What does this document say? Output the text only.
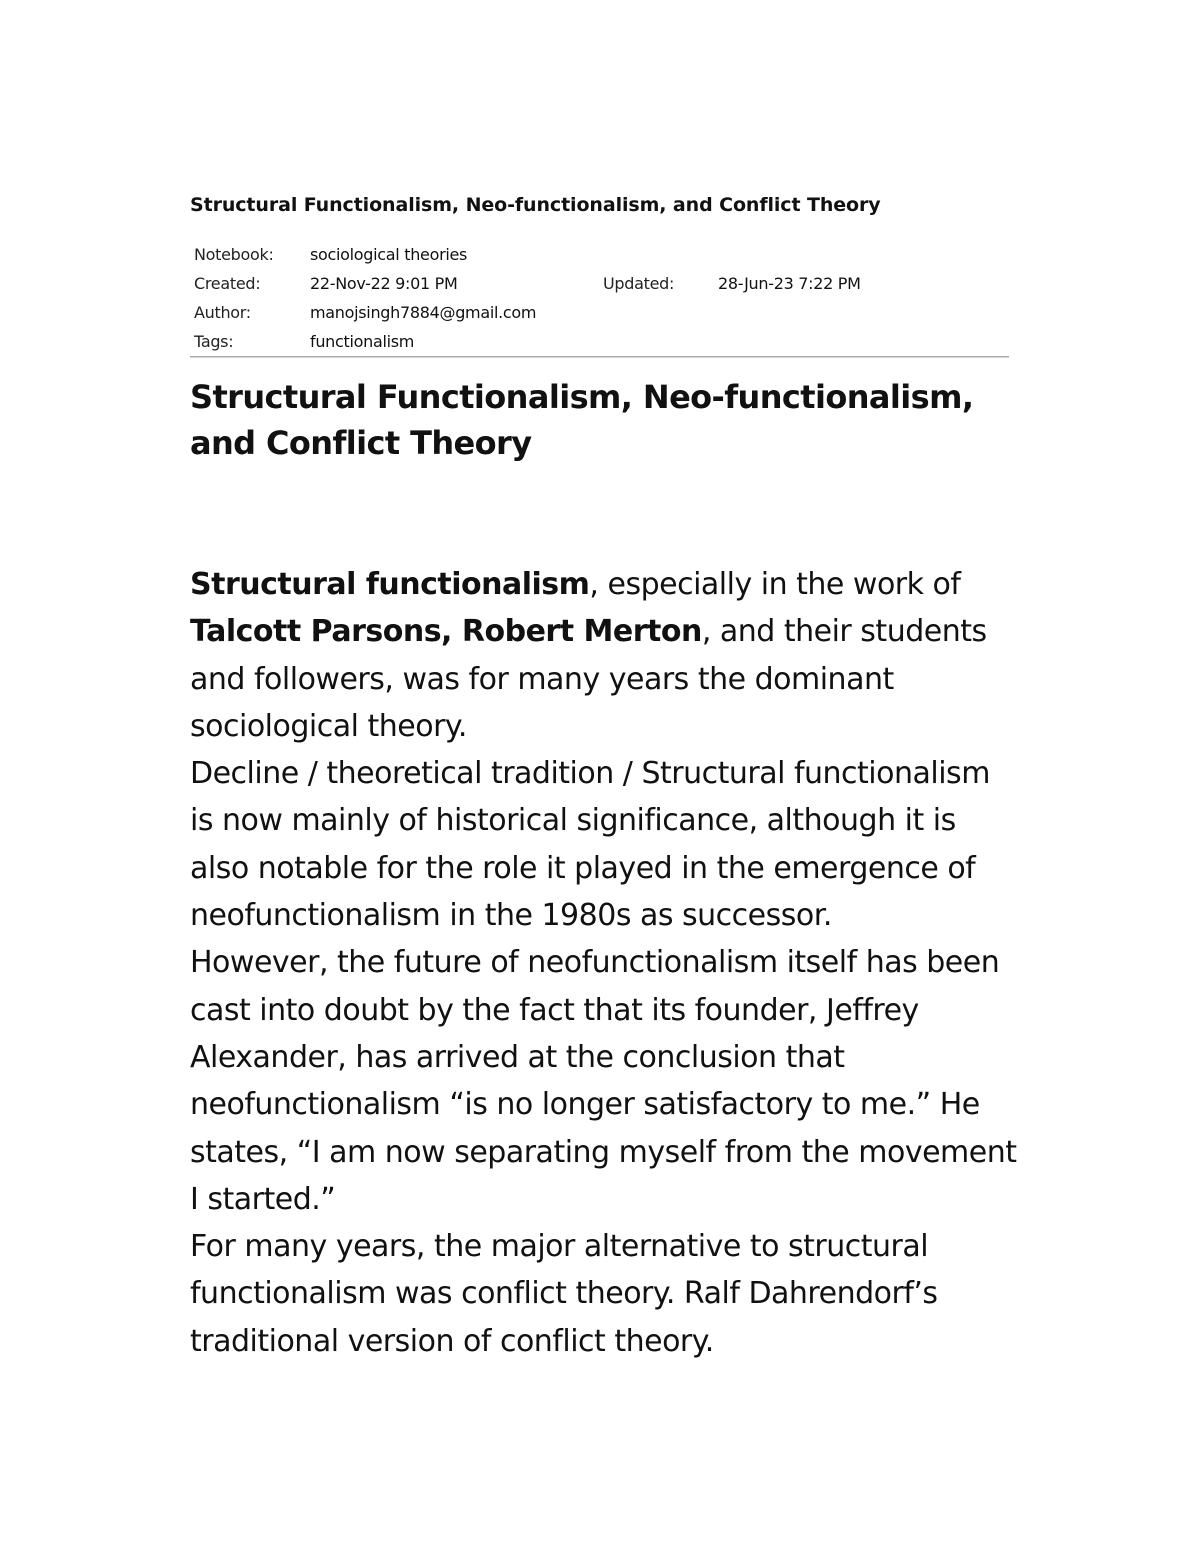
Structural Functionalism, Neo-functionalism, and Conflict Theory
Notebook: sociological theories
Created:	22-Nov-22 9:01 PM	Updated:	28-Jun-23 7:22 PM
Author:	manojsingh7884@gmail.com
Tags:	functionalism
Structural Functionalism, Neo-functionalism, and Conflict Theory

Structural functionalism, especially in the work of Talcott Parsons, Robert Merton, and their students and followers, was for many years the dominant sociological theory.

Decline / theoretical tradition / Structural functionalism is now mainly of historical significance, although it is also notable for the role it played in the emergence of neofunctionalism in the 1980s as successor.

However, the future of neofunctionalism itself has been cast into doubt by the fact that its founder, Jeffrey Alexander, has arrived at the conclusion that neofunctionalism “is no longer satisfactory to me.” He states, “I am now separating myself from the movement I started.”

For many years, the major alternative to structural functionalism was conflict theory. Ralf Dahrendorf’s traditional version of conflict theory.
